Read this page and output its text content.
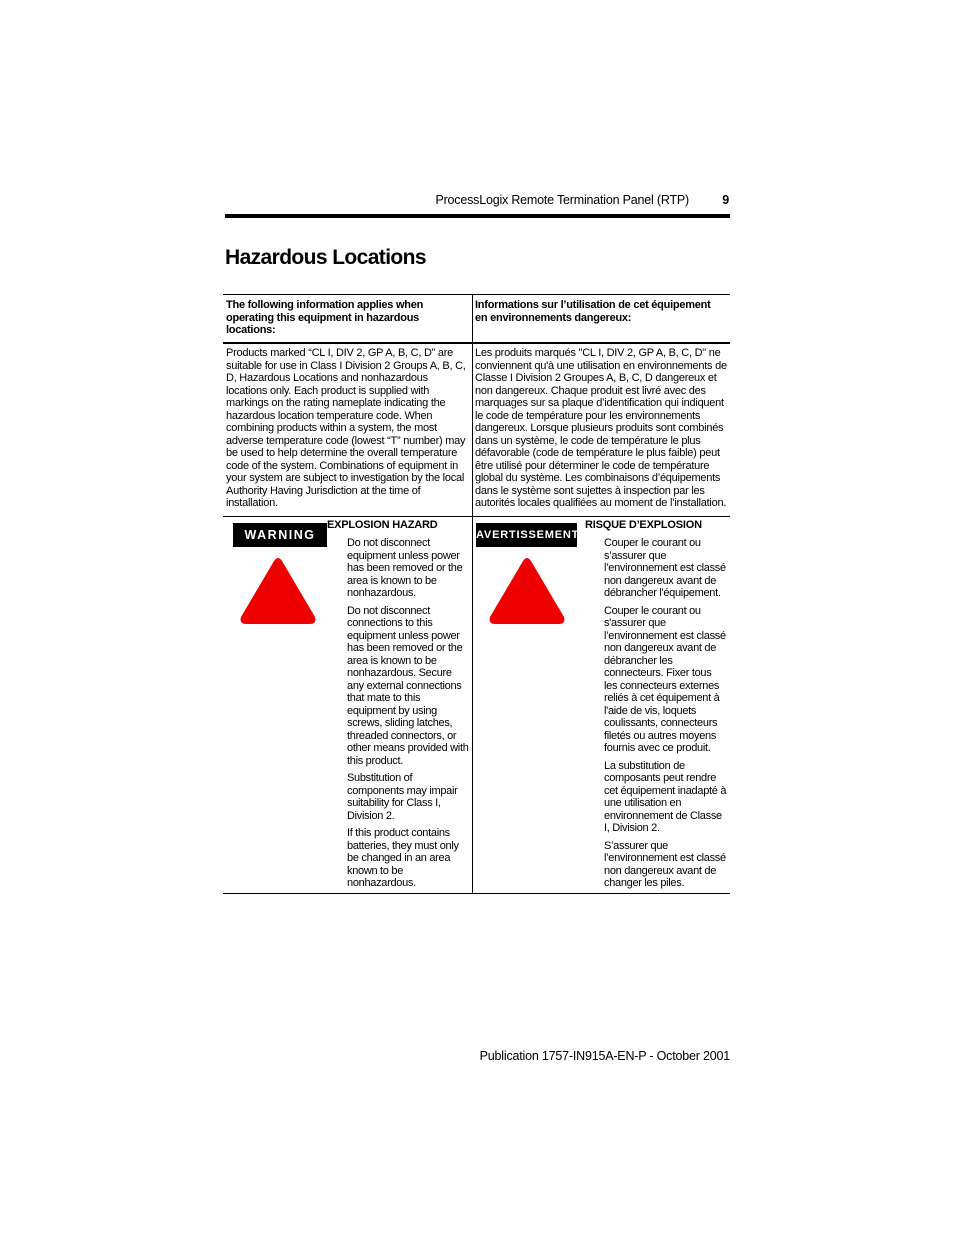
ProcessLogix Remote Termination Panel (RTP)	9
Hazardous Locations
The following information applies when operating this equipment in hazardous locations:
Informations sur l’utilisation de cet équipement en environnements dangereux:
Products marked “CL I, DIV 2, GP A, B, C, D” are suitable for use in Class I Division 2 Groups A, B, C, D, Hazardous Locations and nonhazardous locations only. Each product is supplied with markings on the rating nameplate indicating the hazardous location temperature code. When combining products within a system, the most adverse temperature code (lowest “T” number) may be used to help determine the overall temperature code of the system. Combinations of equipment in your system are subject to investigation by the local Authority Having Jurisdiction at the time of installation.
Les produits marqués "CL I, DIV 2, GP A, B, C, D" ne conviennent qu'à une utilisation en environnements de Classe I Division 2 Groupes A, B, C, D dangereux et non dangereux. Chaque produit est livré avec des marquages sur sa plaque d’identification qui indiquent le code de température pour les environnements dangereux. Lorsque plusieurs produits sont combinés dans un système, le code de température le plus défavorable (code de température le plus faible) peut être utilisé pour déterminer le code de température global du système. Les combinaisons d’équipements dans le système sont sujettes à inspection par les autorités locales qualifiées au moment de l’installation.
WARNING
EXPLOSION HAZARD

Do not disconnect equipment unless power has been removed or the area is known to be nonhazardous.

Do not disconnect connections to this equipment unless power has been removed or the area is known to be nonhazardous. Secure any external connections that mate to this equipment by using screws, sliding latches, threaded connectors, or other means provided with this product.

Substitution of components may impair suitability for Class I, Division 2.

If this product contains batteries, they must only be changed in an area known to be nonhazardous.

AVERTISSEMENT
RISQUE D’EXPLOSION

Couper le courant ou s’assurer que l’environnement est classé non dangereux avant de débrancher l'équipement.

Couper le courant ou s'assurer que l’environnement est classé non dangereux avant de débrancher les connecteurs. Fixer tous les connecteurs externes reliés à cet équipement à l'aide de vis, loquets coulissants, connecteurs filetés ou autres moyens fournis avec ce produit.

La substitution de composants peut rendre cet équipement inadapté à une utilisation en environnement de Classe I, Division 2.

S’assurer que l’environnement est classé non dangereux avant de changer les piles.

Publication 1757-IN915A-EN-P - October 2001
